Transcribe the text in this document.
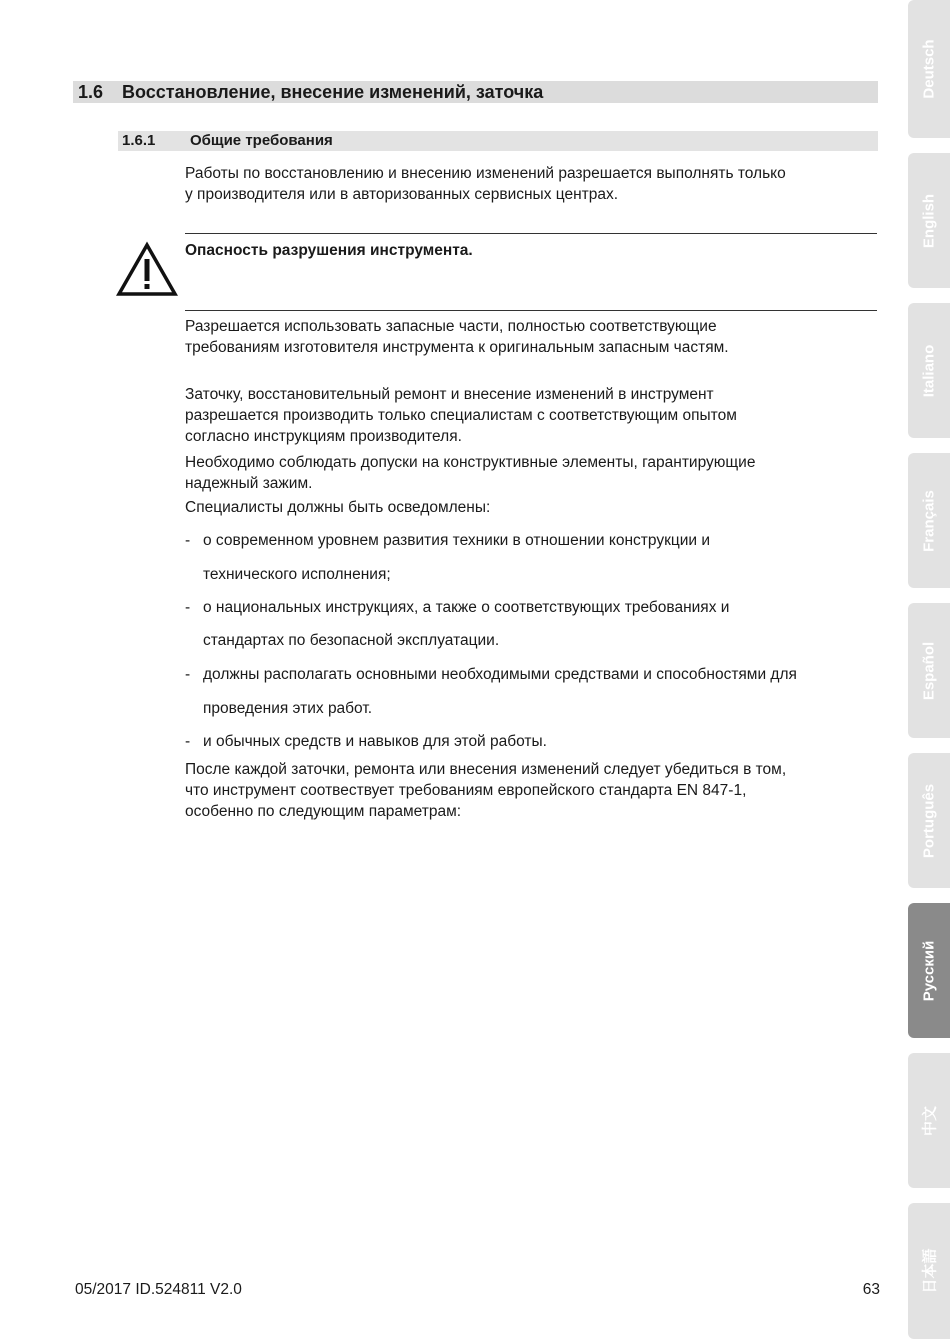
1.6 Восстановление, внесение изменений, заточка
1.6.1 Общие требования
Работы по восстановлению и внесению изменений разрешается выполнять только
у производителя или в авторизованных сервисных центрах.
Опасность разрушения инструмента.
Разрешается использовать запасные части, полностью соответствующие
требованиям изготовителя инструмента к оригинальным запасным частям.
Заточку, восстановительный ремонт и внесение изменений в инструмент
разрешается производить только специалистам с соответствующим опытом
согласно инструкциям производителя.
Необходимо соблюдать допуски на конструктивные элементы, гарантирующие
надежный зажим.
Специалисты должны быть осведомлены:
- о современном уровнем развития техники в отношении конструкции и
технического исполнения;
- о национальных инструкциях, а также о соответствующих требованиях и
стандартах по безопасной эксплуатации.
- должны располагать основными необходимыми средствами и способностями для
проведения этих работ.
- и обычных средств и навыков для этой работы.
После каждой заточки, ремонта или внесения изменений следует убедиться в том,
что инструмент соотвествует требованиям европейского стандарта EN 847-1,
особенно по следующим параметрам:
05/2017 ID.524811 V2.0	63
Deutsch
English
Italiano
Français
Español
Português
Русский
中文
日本語
